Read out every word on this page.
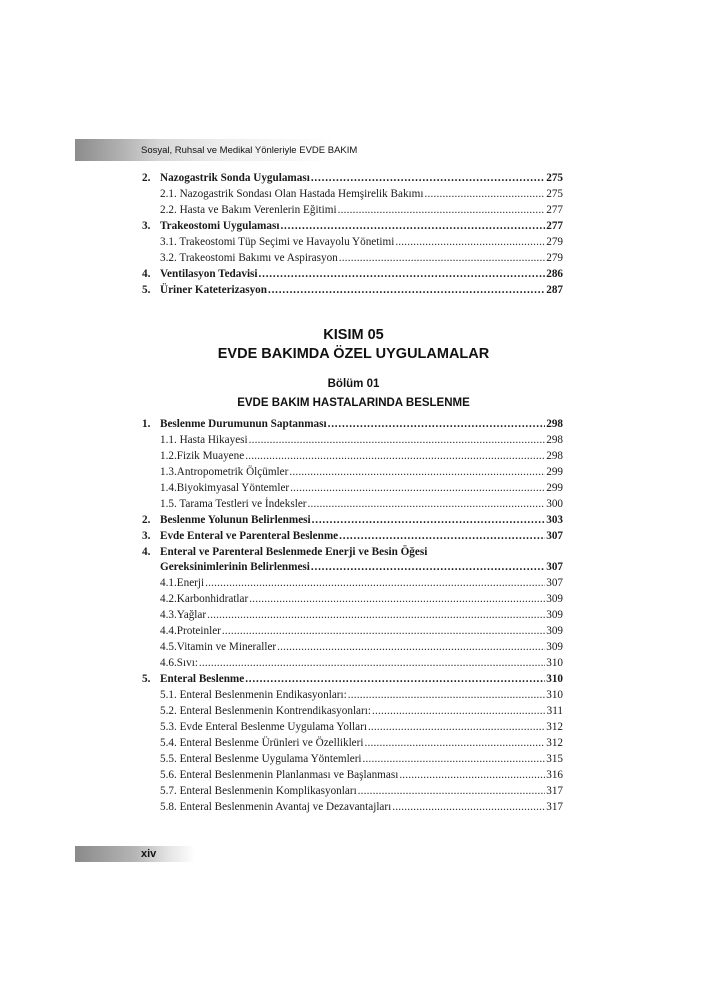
Sosyal, Ruhsal ve Medikal Yönleriyle EVDE BAKIM
2. Nazogastrik Sonda Uygulaması .....	275
2.1. Nazogastrik Sondası Olan Hastada Hemşirelik Bakımı .....	275
2.2. Hasta ve Bakım Verenlerin Eğitimi .....	277
3. Trakeostomi Uygulaması .....	277
3.1. Trakeostomi Tüp Seçimi ve Havayolu Yönetimi .....	279
3.2. Trakeostomi Bakımı ve Aspirasyon .....	279
4. Ventilasyon Tedavisi .....	286
5. Üriner Kateterizasyon .....	287
KISIM 05
EVDE BAKIMDA ÖZEL UYGULAMALAR
Bölüm 01
EVDE BAKIM HASTALARINDA BESLENME
1. Beslenme Durumunun Saptanması .....	298
1.1. Hasta Hikayesi .....	298
1.2.Fizik Muayene .....	298
1.3.Antropometrik Ölçümler .....	299
1.4.Biyokimyasal Yöntemler .....	299
1.5. Tarama Testleri ve İndeksler .....	300
2. Beslenme Yolunun Belirlenmesi .....	303
3. Evde Enteral ve Parenteral Beslenme .....	307
4. Enteral ve Parenteral Beslenmede Enerji ve Besin Öğesi
Gereksinimlerinin Belirlenmesi .....	307
4.1.Enerji .....	307
4.2.Karbonhidratlar .....	309
4.3.Yağlar .....	309
4.4.Proteinler .....	309
4.5.Vitamin ve Mineraller .....	309
4.6.Sıvı: .....	310
5. Enteral Beslenme .....	310
5.1. Enteral Beslenmenin Endikasyonları: .....	310
5.2. Enteral Beslenmenin Kontrendikasyonları: .....	311
5.3. Evde Enteral Beslenme Uygulama Yolları .....	312
5.4. Enteral Beslenme Ürünleri ve Özellikleri .....	312
5.5. Enteral Beslenme Uygulama Yöntemleri .....	315
5.6. Enteral Beslenmenin Planlanması ve Başlanması .....	316
5.7. Enteral Beslenmenin Komplikasyonları .....	317
5.8. Enteral Beslenmenin Avantaj ve Dezavantajları .....	317
xiv
